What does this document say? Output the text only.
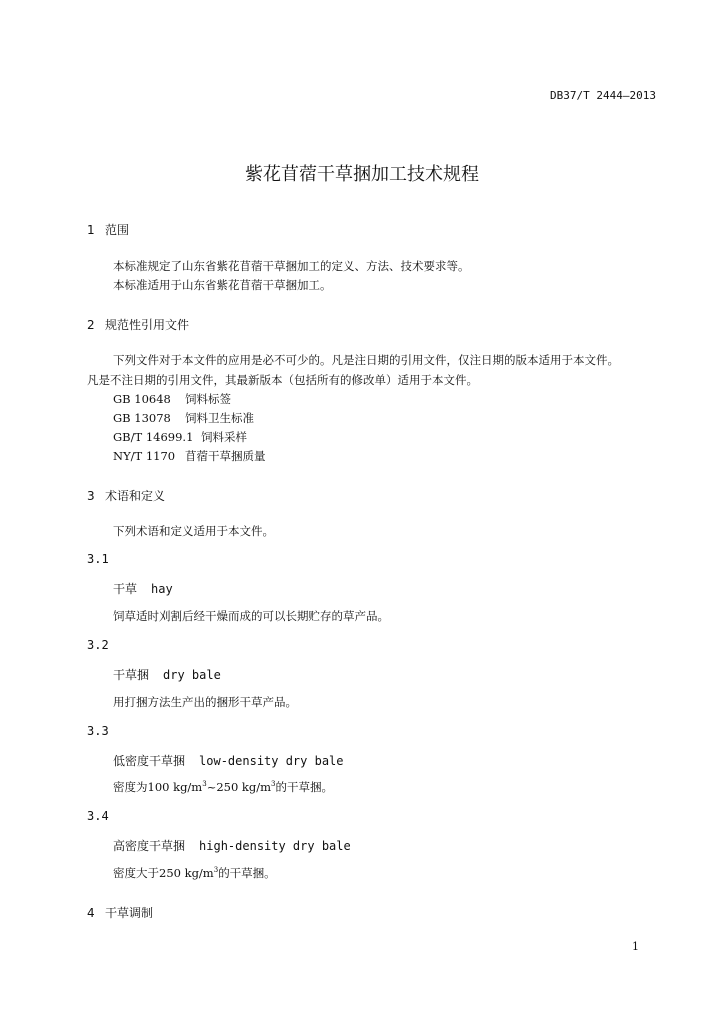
DB37/T 2444—2013
紫花苜蓿干草捆加工技术规程
1 范围
本标准规定了山东省紫花苜蓿干草捆加工的定义、方法、技术要求等。
本标准适用于山东省紫花苜蓿干草捆加工。
2 规范性引用文件
下列文件对于本文件的应用是必不可少的。凡是注日期的引用文件，仅注日期的版本适用于本文件。
凡是不注日期的引用文件，其最新版本（包括所有的修改单）适用于本文件。
GB 10648 饲料标签
GB 13078 饲料卫生标准
GB/T 14699.1 饲料采样
NY/T 1170 苜蓿干草捆质量
3 术语和定义
下列术语和定义适用于本文件。
3.1
干草 hay
饲草适时刈割后经干燥而成的可以长期贮存的草产品。
3.2
干草捆 dry bale
用打捆方法生产出的捆形干草产品。
3.3
低密度干草捆 low-density dry bale
密度为100 $kg/m^3\sim 250$ $kg/m^3$的干草捆。
3.4
高密度干草捆 high-density dry bale
密度大于250 $kg/m^3$的干草捆。
4 干草调制
1
